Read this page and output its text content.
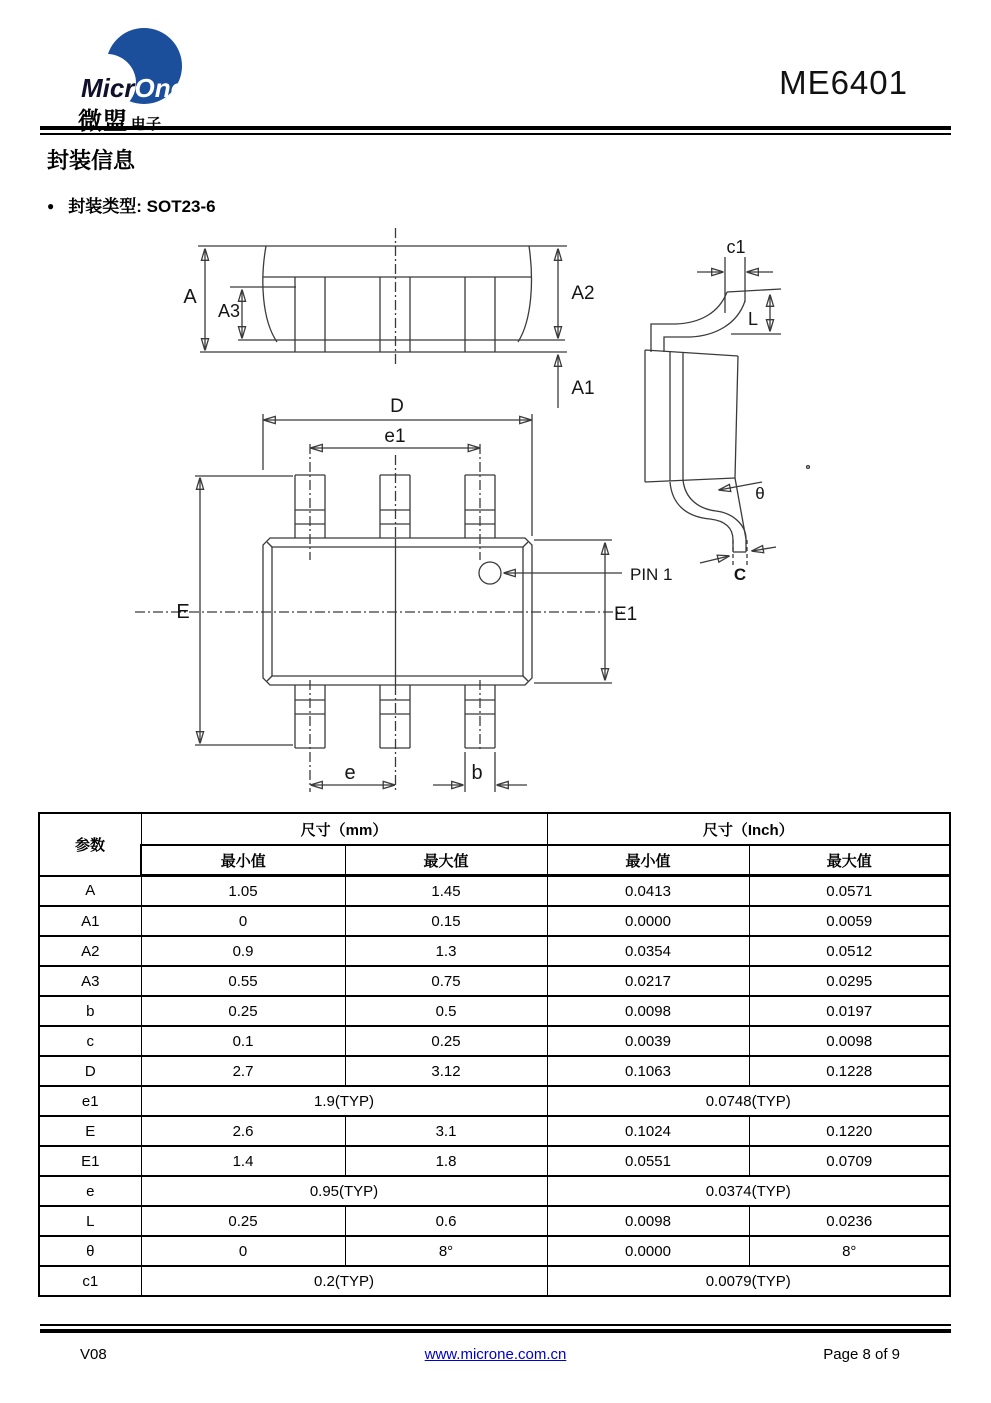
MicrOne
微盟 电子
ME6401
封装信息
● 封装类型: SOT23-6
A
A3
A2
A1
D
e1
PIN 1
E	E1
e	b
c1
L
θ
C
参数	尺寸（mm）		尺寸（Inch）	
	最小值	最大值	最小值	最大值
A	1.05	1.45	0.0413	0.0571
A1	0	0.15	0.0000	0.0059
A2	0.9	1.3	0.0354	0.0512
A3	0.55	0.75	0.0217	0.0295
b	0.25	0.5	0.0098	0.0197
c	0.1	0.25	0.0039	0.0098
D	2.7	3.12	0.1063	0.1228
e1	1.9(TYP)		0.0748(TYP)	
E	2.6	3.1	0.1024	0.1220
E1	1.4	1.8	0.0551	0.0709
e	0.95(TYP)		0.0374(TYP)	
L	0.25	0.6	0.0098	0.0236
θ	0	8°	0.0000	8°
c1	0.2(TYP)		0.0079(TYP)	
V08	www.microne.com.cn	Page 8 of 9
